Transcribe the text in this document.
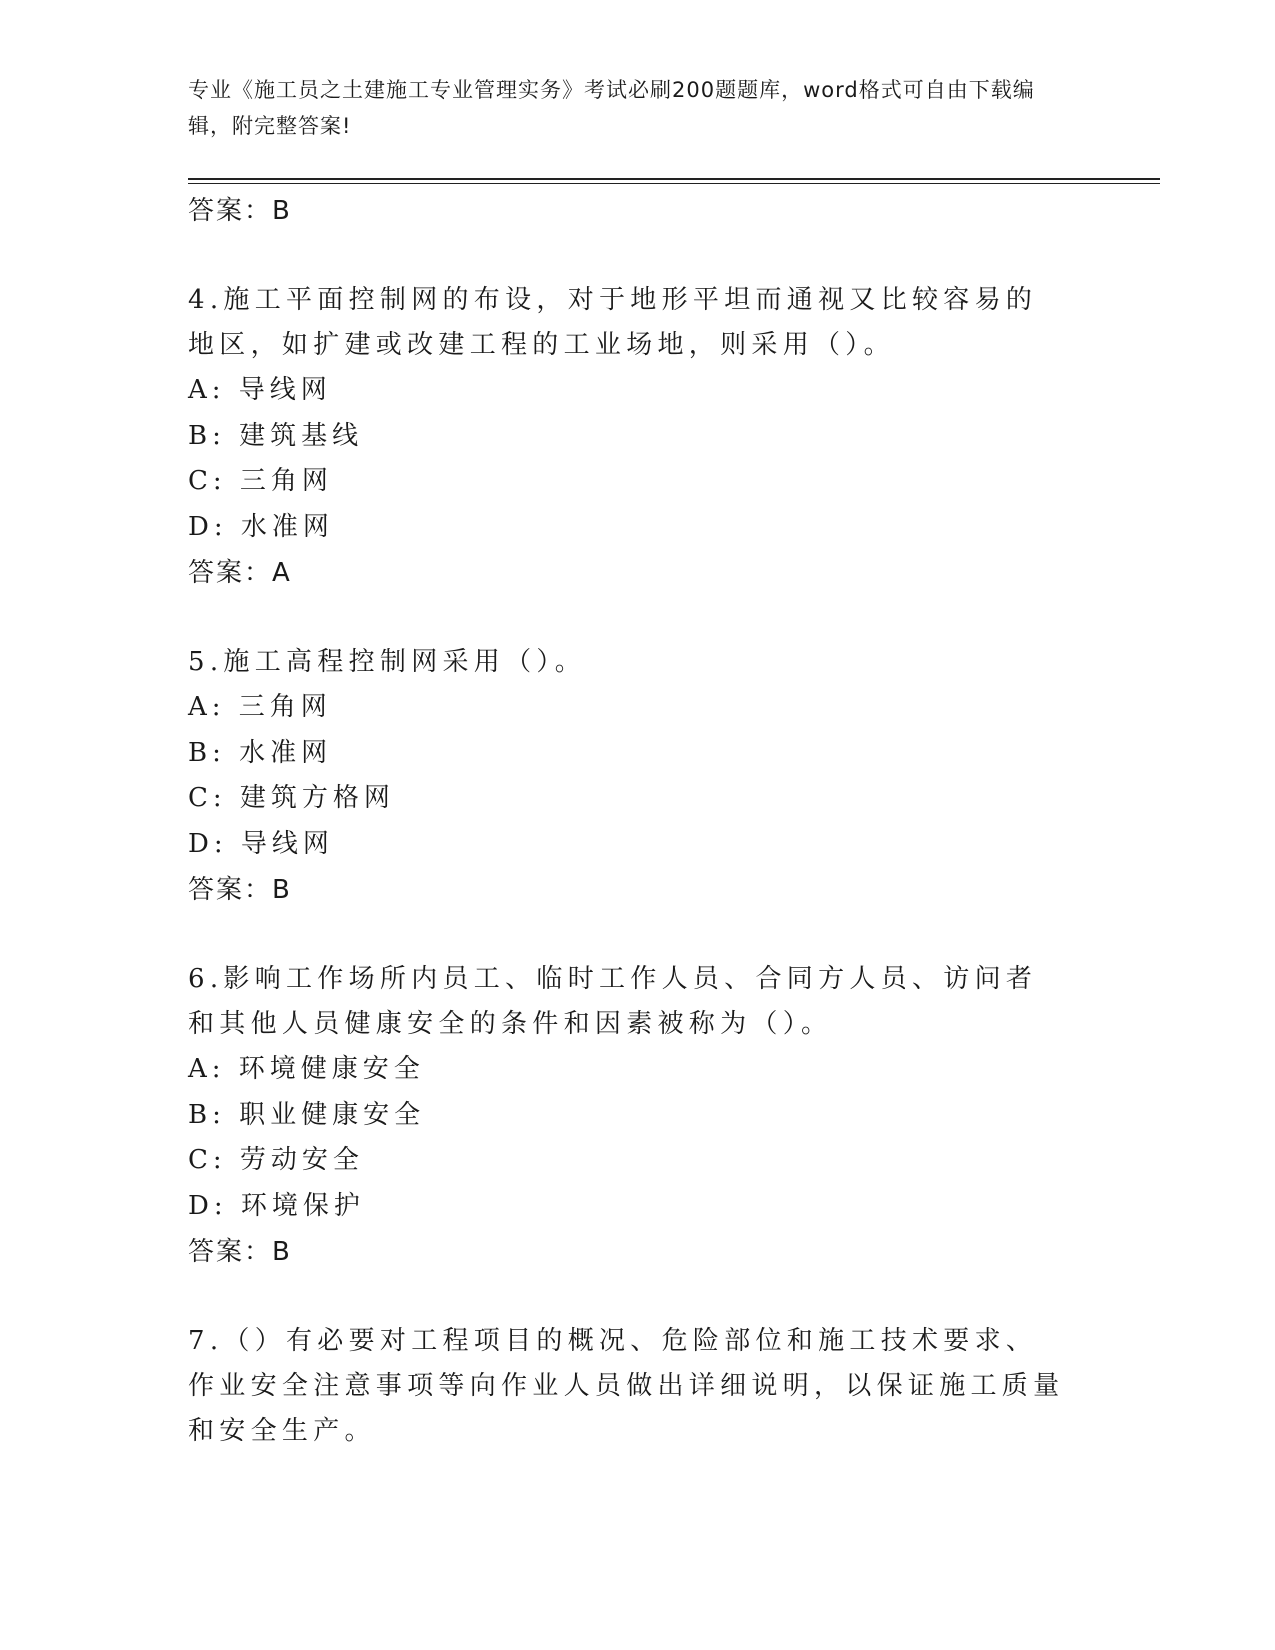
专业《施工员之土建施工专业管理实务》考试必刷200题题库，word格式可自由下载编辑，附完整答案!
答案：B
4.施工平面控制网的布设，对于地形平坦而通视又比较容易的地区，如扩建或改建工程的工业场地，则采用（）。
A: 导线网
B: 建筑基线
C: 三角网
D: 水准网
答案：A
5.施工高程控制网采用（）。
A: 三角网
B: 水准网
C: 建筑方格网
D: 导线网
答案：B
6.影响工作场所内员工、临时工作人员、合同方人员、访问者和其他人员健康安全的条件和因素被称为（）。
A: 环境健康安全
B: 职业健康安全
C: 劳动安全
D: 环境保护
答案：B
7.（）有必要对工程项目的概况、危险部位和施工技术要求、作业安全注意事项等向作业人员做出详细说明，以保证施工质量和安全生产。
